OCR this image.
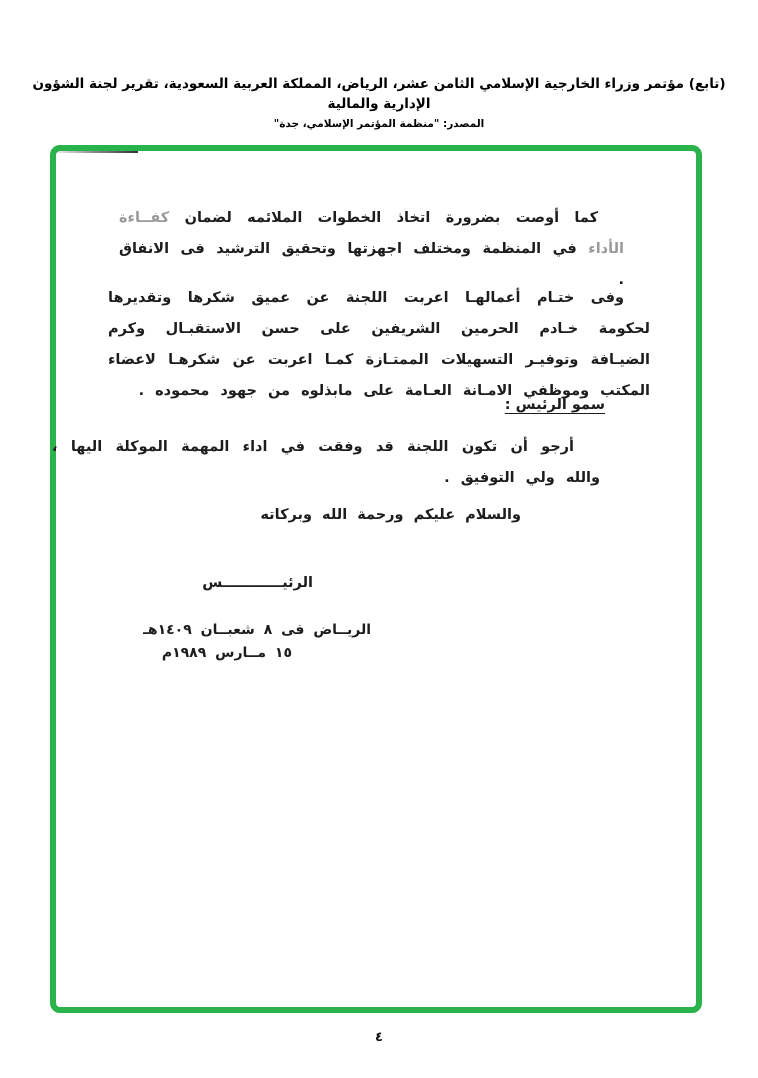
(تابع) مؤتمر وزراء الخارجية الإسلامي الثامن عشر، الرياض، المملكة العربية السعودية، تقرير لجنة الشؤون الإدارية والمالية
المصدر: "منظمة المؤتمر الإسلامي، جدة"
كما أوصت بضرورة اتخاذ الخطوات الملائمه لضمان كفــاءة الأداء في المنظمة ومختلف اجهزتها وتحقيق الترشيد فى الانفاق .
وفى ختـام أعمالهـا اعربت اللجنة عن عميق شكرها وتقديرها لحكومة خـادم الحرمين الشريفين على حسن الاستقبـال وكرم الضيـافة وتوفيـر التسهيلات الممتـازة كمـا اعربت عن شكرهـا لاعضاء المكتب وموظفي الامـانة العـامة على مابذلوه من جهود محموده .
سمو الرئيس :
أرجو أن تكون اللجنة قد وفقت في اداء المهمة الموكلة اليها ، والله ولي التوفيق .
والسلام عليكم ورحمة الله وبركاته
الرئيــــــــــــس
الريــاض فى ٨ شعبــان ١٤٠٩هـ
١٥ مــارس ١٩٨٩م
٤
